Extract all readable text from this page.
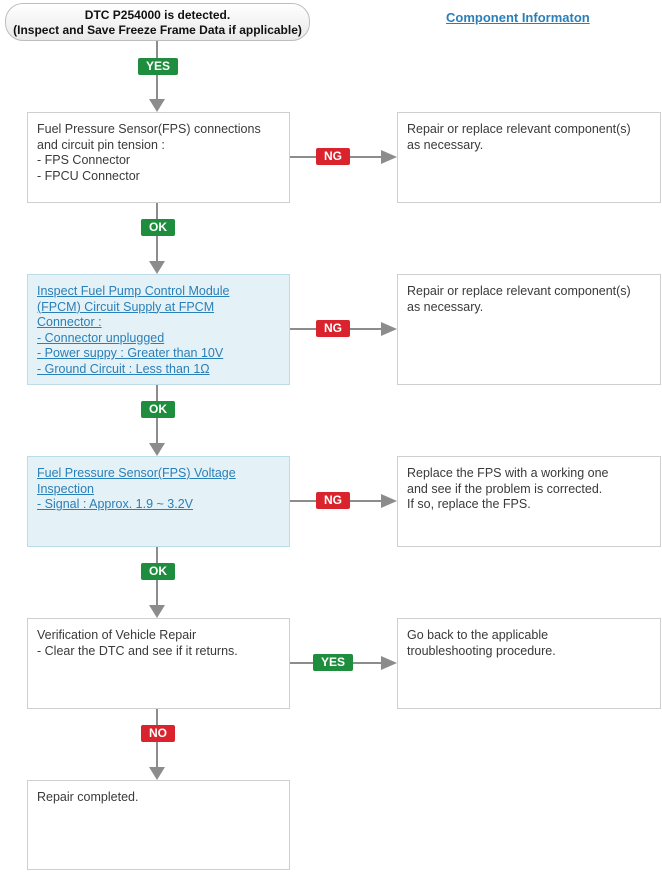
DTC P254000 is detected.
(Inspect and Save Freeze Frame Data if applicable)
Component Informaton
YES
Fuel Pressure Sensor(FPS) connections
and circuit pin tension :
- FPS Connector
- FPCU Connector
NG
Repair or replace relevant component(s)
as necessary.
OK
Inspect Fuel Pump Control Module
(FPCM) Circuit Supply at FPCM
Connector :
- Connector unplugged
- Power suppy : Greater than 10V
- Ground Circuit : Less than 1Ω
NG
Repair or replace relevant component(s)
as necessary.
OK
Fuel Pressure Sensor(FPS) Voltage
Inspection
- Signal : Approx. 1.9 ~ 3.2V	NG
Replace the FPS with a working one
and see if the problem is corrected.
If so, replace the FPS.
OK
Verification of Vehicle Repair
- Clear the DTC and see if it returns.
YES
Go back to the applicable
troubleshooting procedure.
NO
Repair completed.
